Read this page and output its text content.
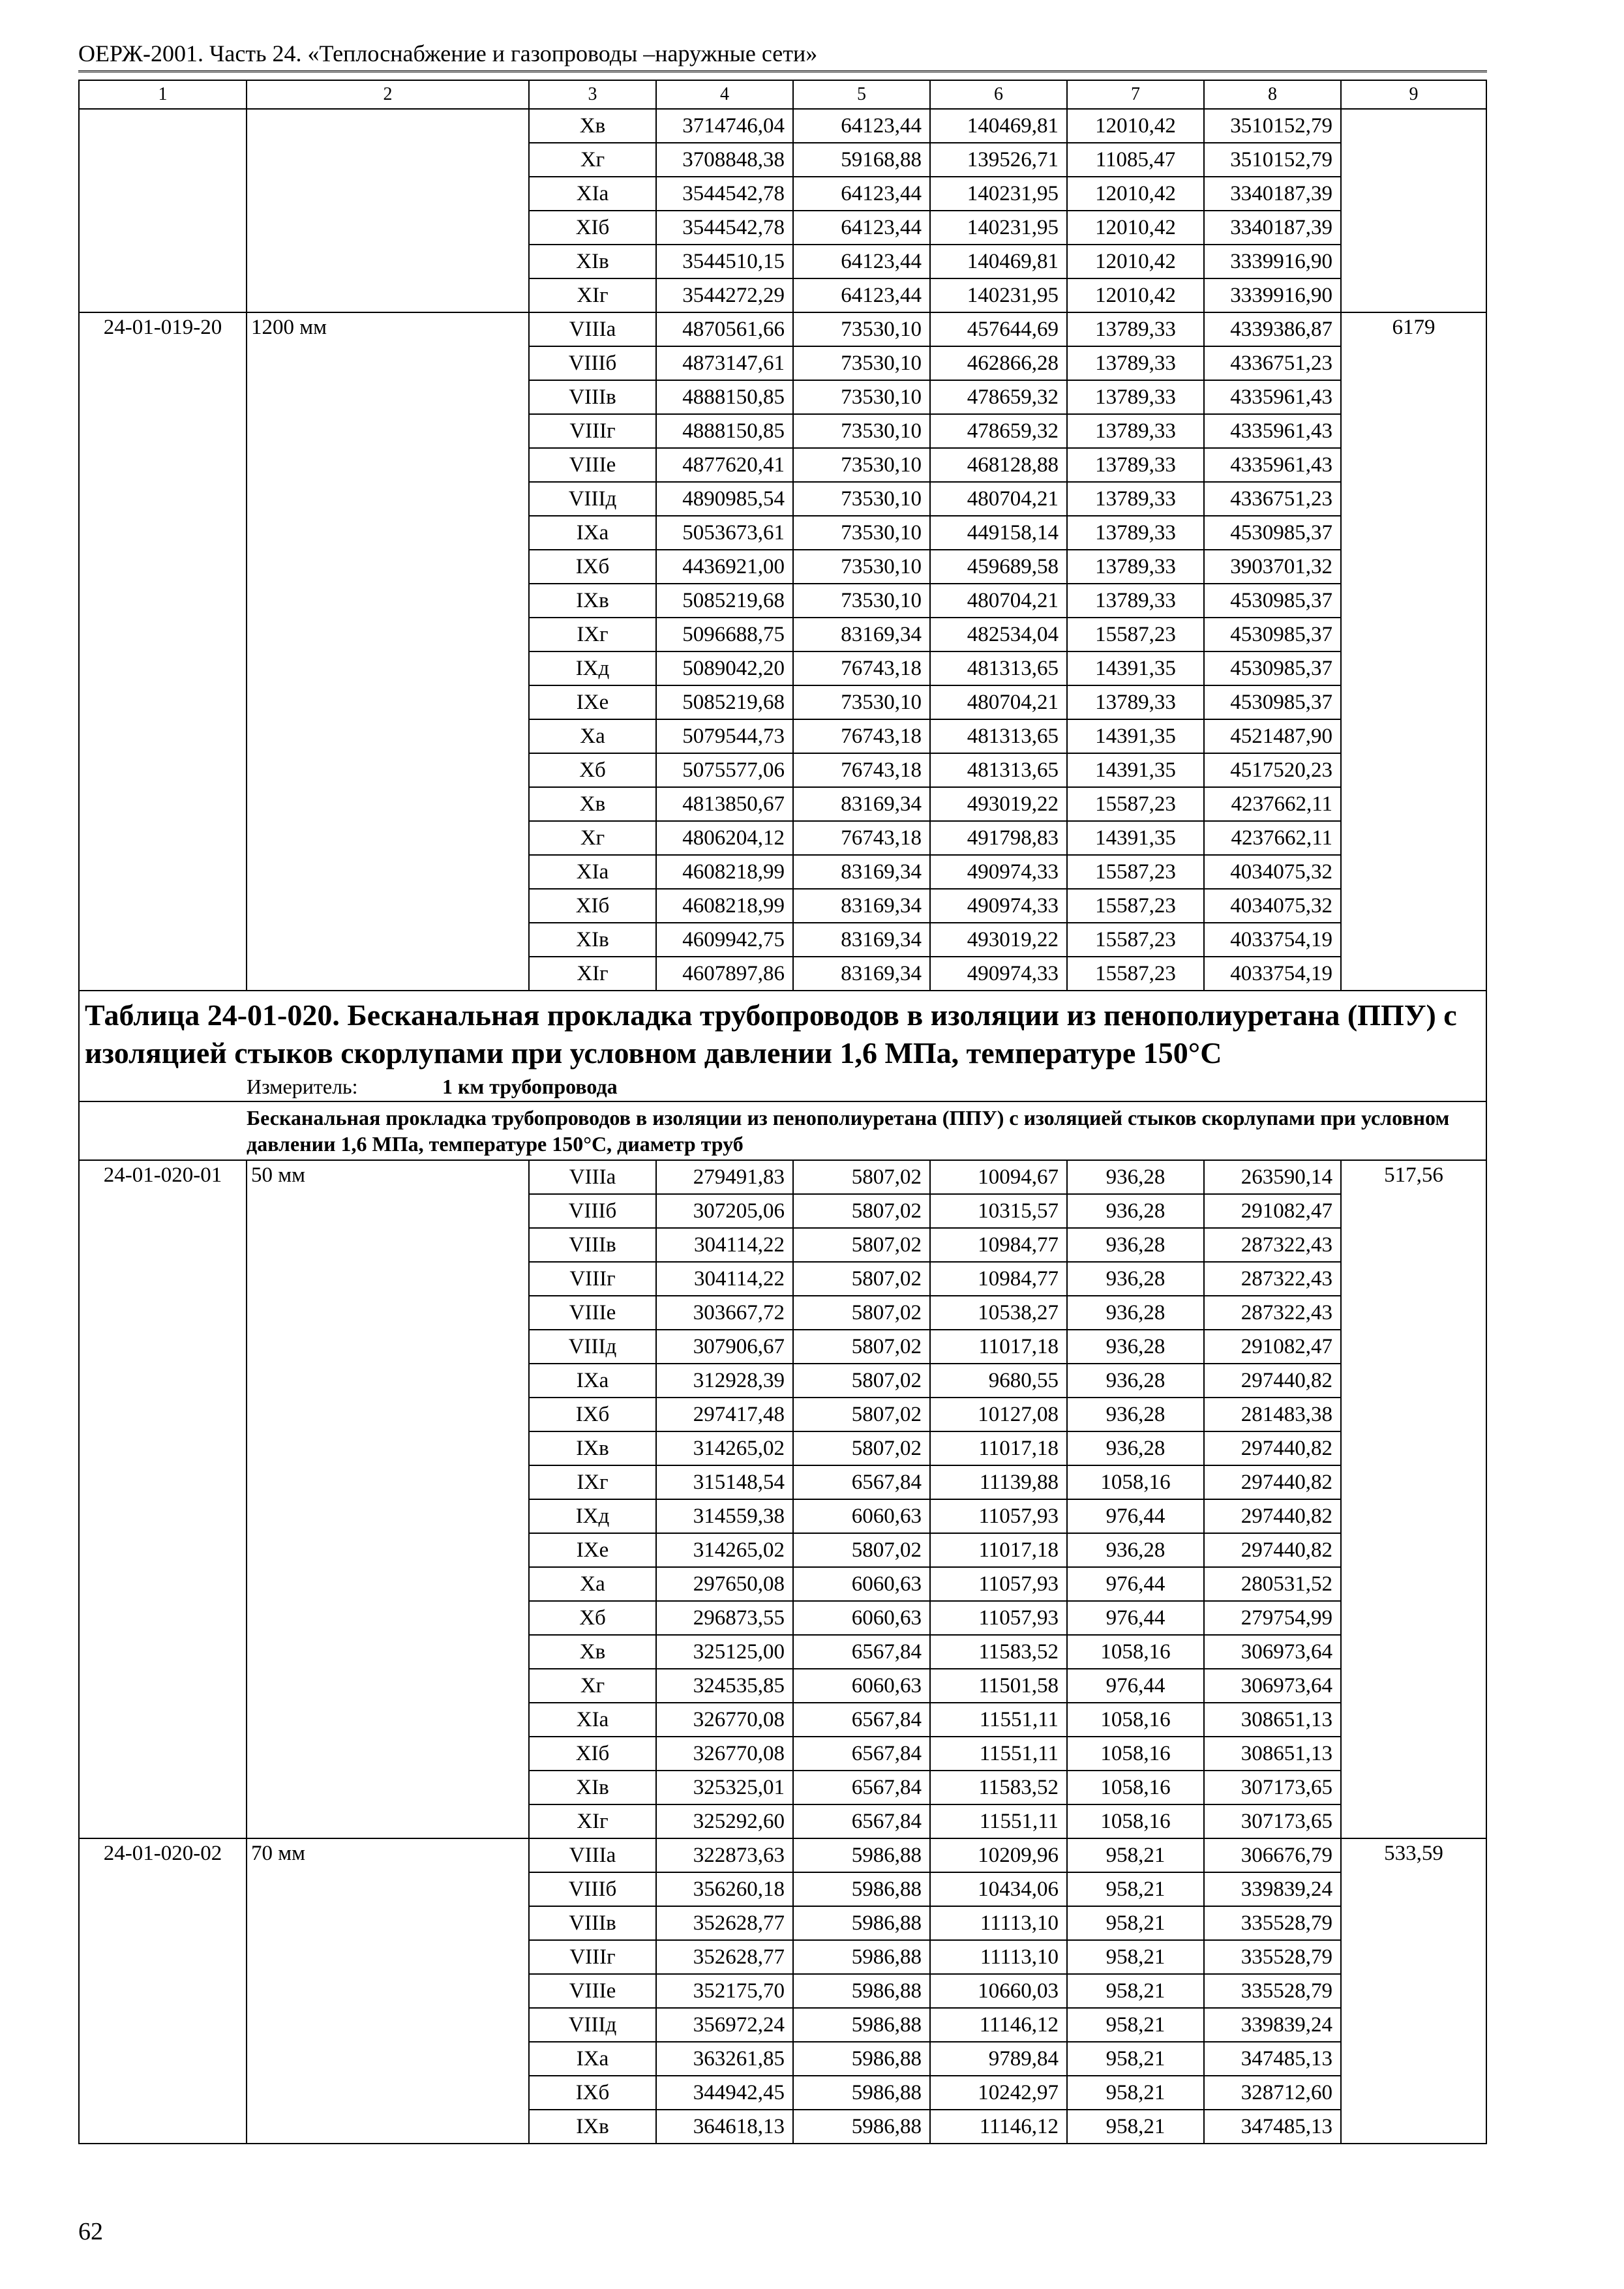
ОЕРЖ-2001. Часть 24. «Теплоснабжение и газопроводы –наружные сети»
1	2	3	4	5	6	7	8	9
		Хв	3714746,04	64123,44	140469,81	12010,42	3510152,79	
		Хг	3708848,38	59168,88	139526,71	11085,47	3510152,79	
		ХIа	3544542,78	64123,44	140231,95	12010,42	3340187,39	
		ХIб	3544542,78	64123,44	140231,95	12010,42	3340187,39	
		ХIв	3544510,15	64123,44	140469,81	12010,42	3339916,90	
		ХIг	3544272,29	64123,44	140231,95	12010,42	3339916,90	
24-01-019-20	1200 мм	VIIIа	4870561,66	73530,10	457644,69	13789,33	4339386,87	6179
		VIIIб	4873147,61	73530,10	462866,28	13789,33	4336751,23	
		VIIIв	4888150,85	73530,10	478659,32	13789,33	4335961,43	
		VIIIг	4888150,85	73530,10	478659,32	13789,33	4335961,43	
		VIIIе	4877620,41	73530,10	468128,88	13789,33	4335961,43	
		VIIIд	4890985,54	73530,10	480704,21	13789,33	4336751,23	
		IХа	5053673,61	73530,10	449158,14	13789,33	4530985,37	
		IХб	4436921,00	73530,10	459689,58	13789,33	3903701,32	
		IХв	5085219,68	73530,10	480704,21	13789,33	4530985,37	
		IХг	5096688,75	83169,34	482534,04	15587,23	4530985,37	
		IХд	5089042,20	76743,18	481313,65	14391,35	4530985,37	
		IХе	5085219,68	73530,10	480704,21	13789,33	4530985,37	
		Ха	5079544,73	76743,18	481313,65	14391,35	4521487,90	
		Хб	5075577,06	76743,18	481313,65	14391,35	4517520,23	
		Хв	4813850,67	83169,34	493019,22	15587,23	4237662,11	
		Хг	4806204,12	76743,18	491798,83	14391,35	4237662,11	
		ХIа	4608218,99	83169,34	490974,33	15587,23	4034075,32	
		ХIб	4608218,99	83169,34	490974,33	15587,23	4034075,32	
		ХIв	4609942,75	83169,34	493019,22	15587,23	4033754,19	
		ХIг	4607897,86	83169,34	490974,33	15587,23	4033754,19	
Таблица 24-01-020. Бесканальная прокладка трубопроводов в изоляции из пенополиуретана (ППУ) с изоляцией стыков скорлупами при условном давлении 1,6 МПа, температуре 150°С								
Измеритель: 1 км трубопровода								

Бесканальная прокладка трубопроводов в изоляции из пенополиуретана (ППУ) с изоляцией стыков скорлупами при условном давлении 1,6 МПа, температуре 150°С, диаметр труб								

24-01-020-01	50 мм	VIIIа	279491,83	5807,02	10094,67	936,28	263590,14	517,56
		VIIIб	307205,06	5807,02	10315,57	936,28	291082,47	
		VIIIв	304114,22	5807,02	10984,77	936,28	287322,43	
		VIIIг	304114,22	5807,02	10984,77	936,28	287322,43	
		VIIIе	303667,72	5807,02	10538,27	936,28	287322,43	
		VIIIд	307906,67	5807,02	11017,18	936,28	291082,47	
		IХа	312928,39	5807,02	9680,55	936,28	297440,82	
		IХб	297417,48	5807,02	10127,08	936,28	281483,38	
		IХв	314265,02	5807,02	11017,18	936,28	297440,82	
		IХг	315148,54	6567,84	11139,88	1058,16	297440,82	
		IХд	314559,38	6060,63	11057,93	976,44	297440,82	
		IХе	314265,02	5807,02	11017,18	936,28	297440,82	
		Ха	297650,08	6060,63	11057,93	976,44	280531,52	
		Хб	296873,55	6060,63	11057,93	976,44	279754,99	
		Хв	325125,00	6567,84	11583,52	1058,16	306973,64	
		Хг	324535,85	6060,63	11501,58	976,44	306973,64	
		ХIа	326770,08	6567,84	11551,11	1058,16	308651,13	
		ХIб	326770,08	6567,84	11551,11	1058,16	308651,13	
		ХIв	325325,01	6567,84	11583,52	1058,16	307173,65	
		ХIг	325292,60	6567,84	11551,11	1058,16	307173,65	
24-01-020-02	70 мм	VIIIа	322873,63	5986,88	10209,96	958,21	306676,79	533,59
		VIIIб	356260,18	5986,88	10434,06	958,21	339839,24	
		VIIIв	352628,77	5986,88	11113,10	958,21	335528,79	
		VIIIг	352628,77	5986,88	11113,10	958,21	335528,79	
		VIIIе	352175,70	5986,88	10660,03	958,21	335528,79	
		VIIIд	356972,24	5986,88	11146,12	958,21	339839,24	
		IХа	363261,85	5986,88	9789,84	958,21	347485,13	
		IХб	344942,45	5986,88	10242,97	958,21	328712,60	
		IХв	364618,13	5986,88	11146,12	958,21	347485,13	
62
